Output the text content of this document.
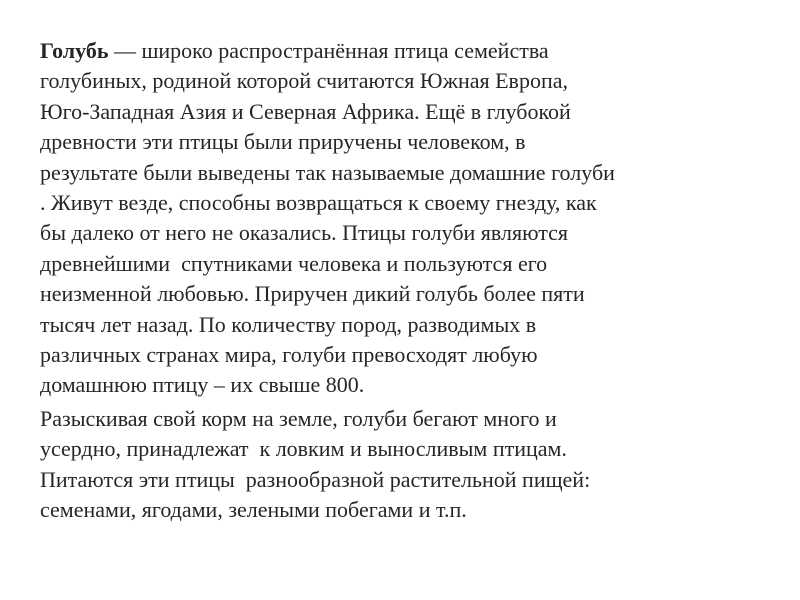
Голубь — широко распространённая птица семейства
голубиных, родиной которой считаются Южная Европа,
Юго-Западная Азия и Северная Африка. Ещё в глубокой
древности эти птицы были приручены человеком, в
результате были выведены так называемые домашние голуби
. Живут везде, способны возвращаться к своему гнезду, как
бы далеко от него не оказались. Птицы голуби являются
древнейшими  спутниками человека и пользуются его
неизменной любовью. Приручен дикий голубь более пяти
тысяч лет назад. По количеству пород, разводимых в
различных странах мира, голуби превосходят любую
домашнюю птицу – их свыше 800.
Разыскивая свой корм на земле, голуби бегают много и
усердно, принадлежат  к ловким и выносливым птицам.
Питаются эти птицы  разнообразной растительной пищей:
семенами, ягодами, зелеными побегами и т.п.
